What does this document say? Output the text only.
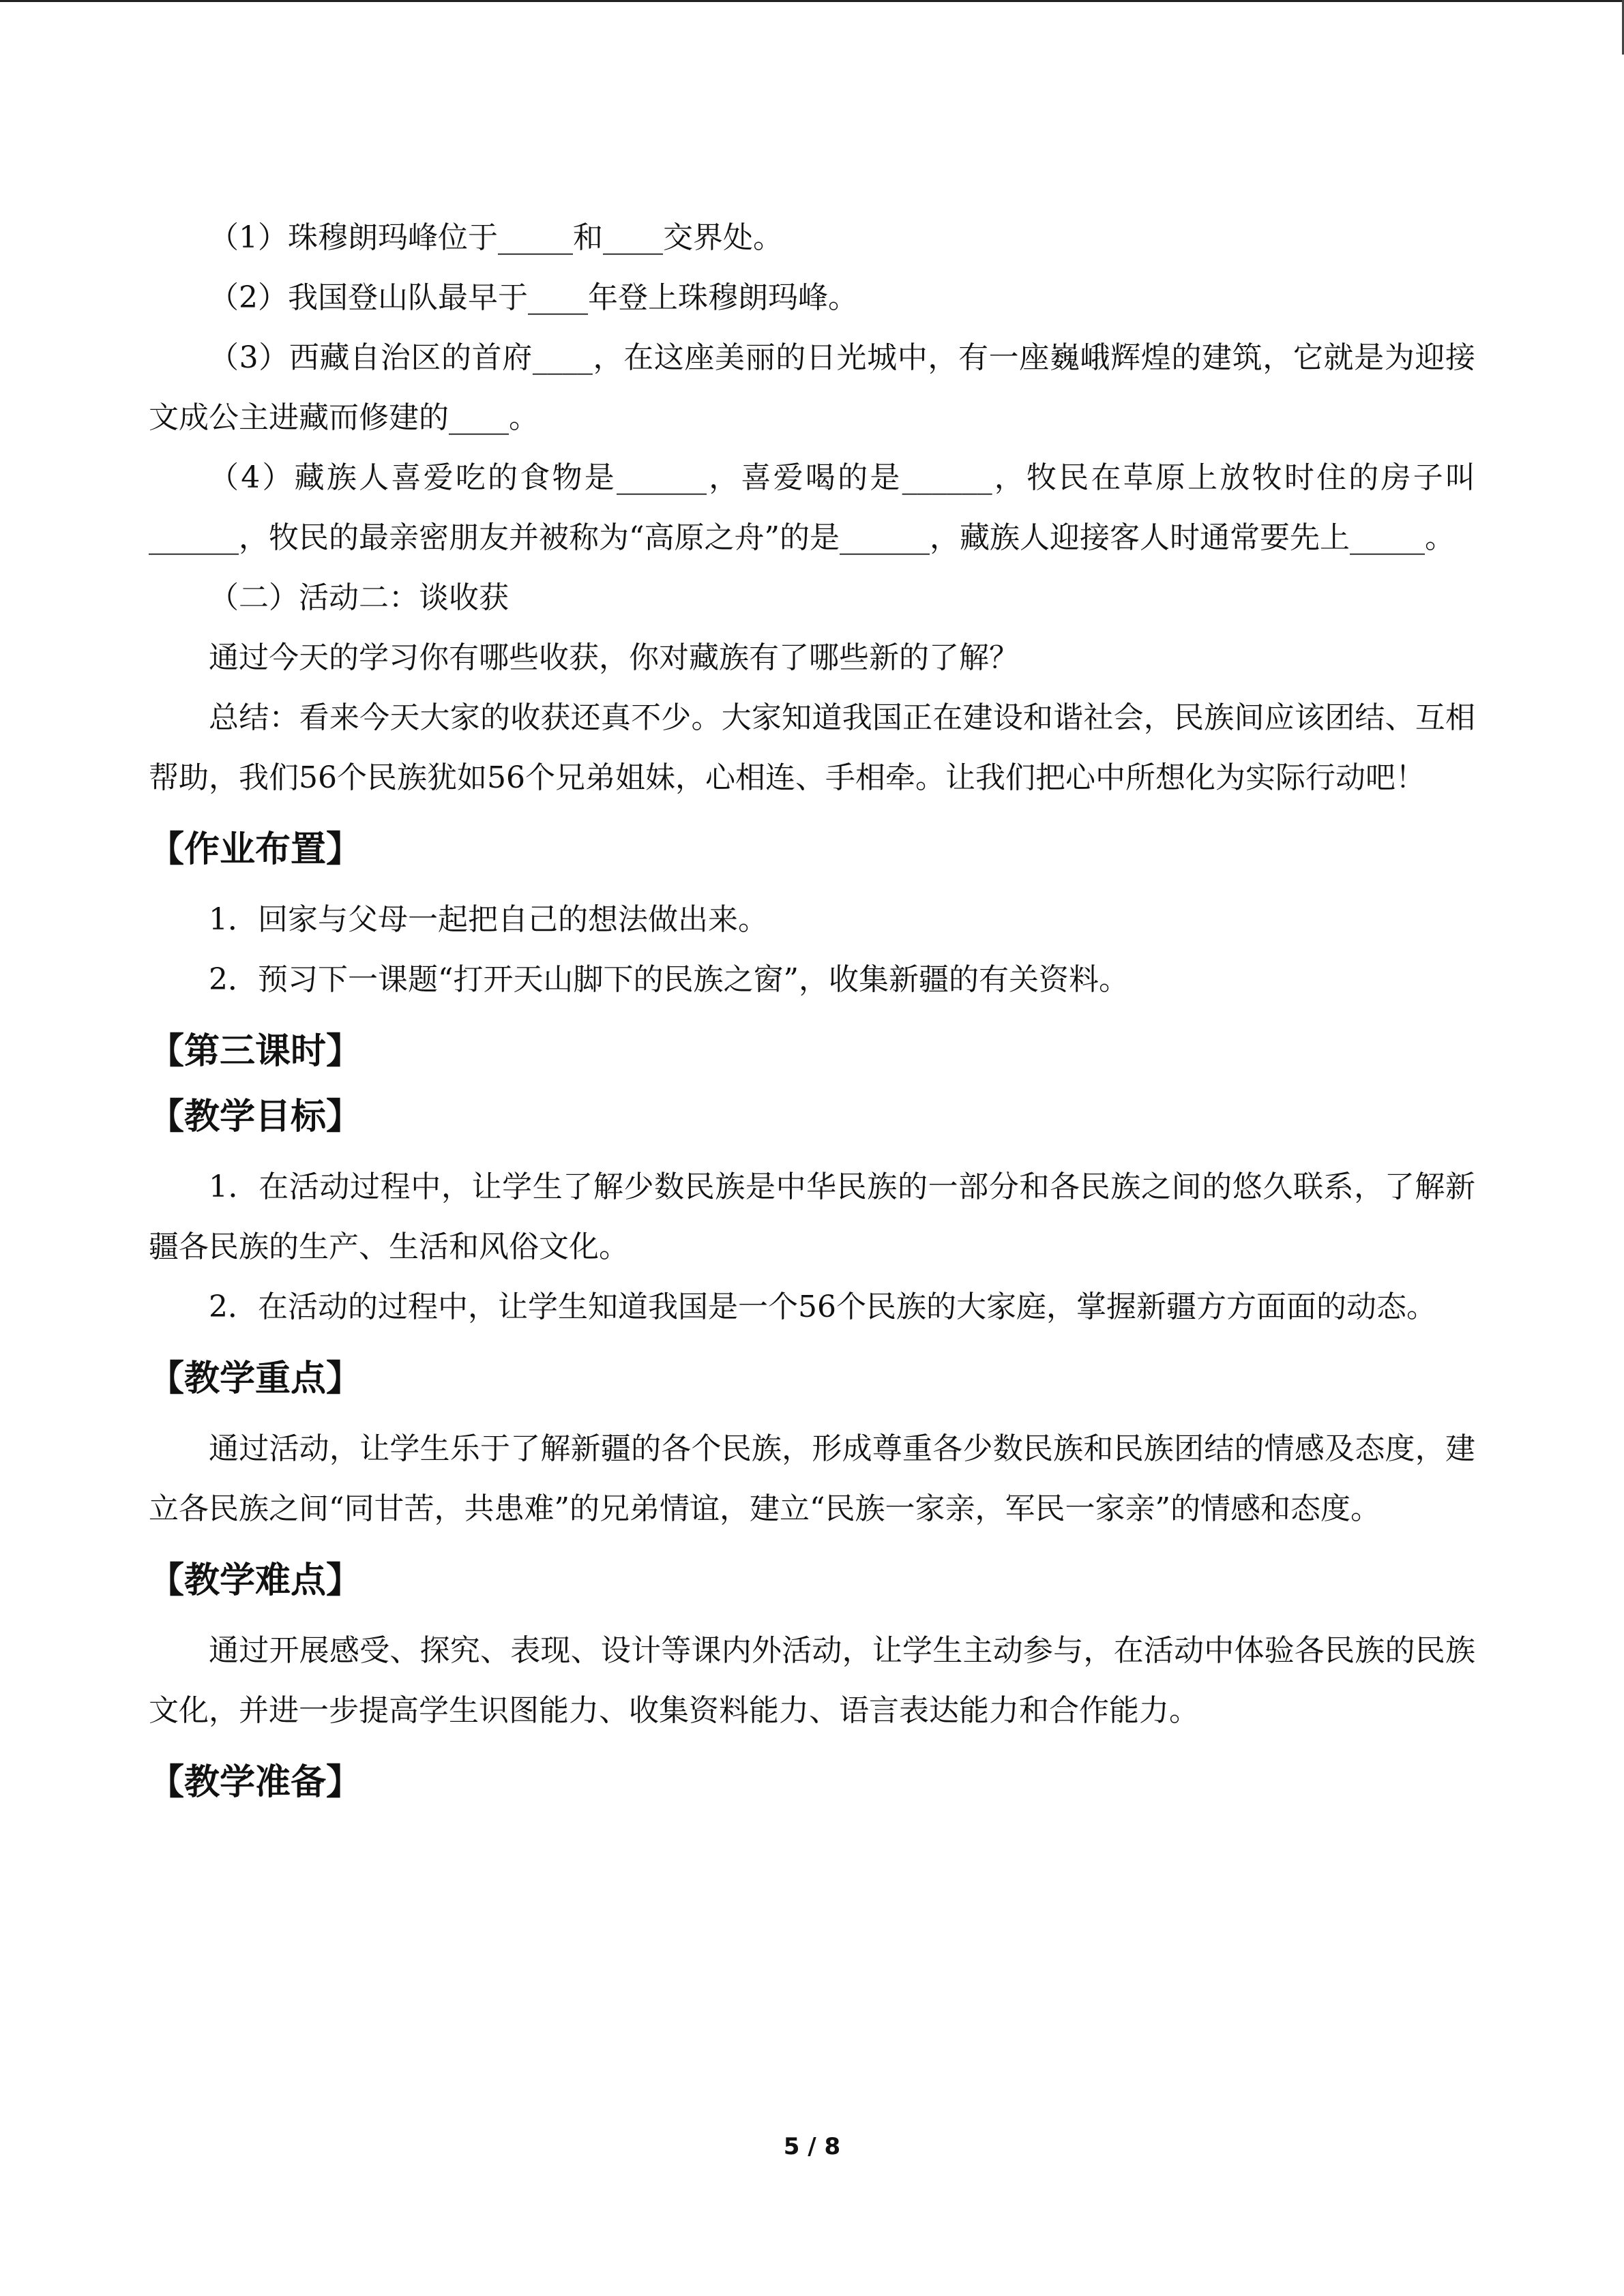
（1）珠穆朗玛峰位于_____和____交界处。

（2）我国登山队最早于____年登上珠穆朗玛峰。

（3）西藏自治区的首府____，在这座美丽的日光城中，有一座巍峨辉煌的建筑，它就是为迎接文成公主进藏而修建的____。

（4）藏族人喜爱吃的食物是______，喜爱喝的是______，牧民在草原上放牧时住的房子叫______，牧民的最亲密朋友并被称为“高原之舟”的是______，藏族人迎接客人时通常要先上_____。

（二）活动二：谈收获

通过今天的学习你有哪些收获，你对藏族有了哪些新的了解？

总结：看来今天大家的收获还真不少。大家知道我国正在建设和谐社会，民族间应该团结、互相帮助，我们56个民族犹如56个兄弟姐妹，心相连、手相牵。让我们把心中所想化为实际行动吧！

【作业布置】

1．回家与父母一起把自己的想法做出来。

2．预习下一课题“打开天山脚下的民族之窗”，收集新疆的有关资料。

【第三课时】
【教学目标】

1．在活动过程中，让学生了解少数民族是中华民族的一部分和各民族之间的悠久联系，了解新疆各民族的生产、生活和风俗文化。

2．在活动的过程中，让学生知道我国是一个56个民族的大家庭，掌握新疆方方面面的动态。

【教学重点】

通过活动，让学生乐于了解新疆的各个民族，形成尊重各少数民族和民族团结的情感及态度，建立各民族之间“同甘苦，共患难”的兄弟情谊，建立“民族一家亲，军民一家亲”的情感和态度。

【教学难点】

通过开展感受、探究、表现、设计等课内外活动，让学生主动参与，在活动中体验各民族的民族文化，并进一步提高学生识图能力、收集资料能力、语言表达能力和合作能力。

【教学准备】
5 / 8
